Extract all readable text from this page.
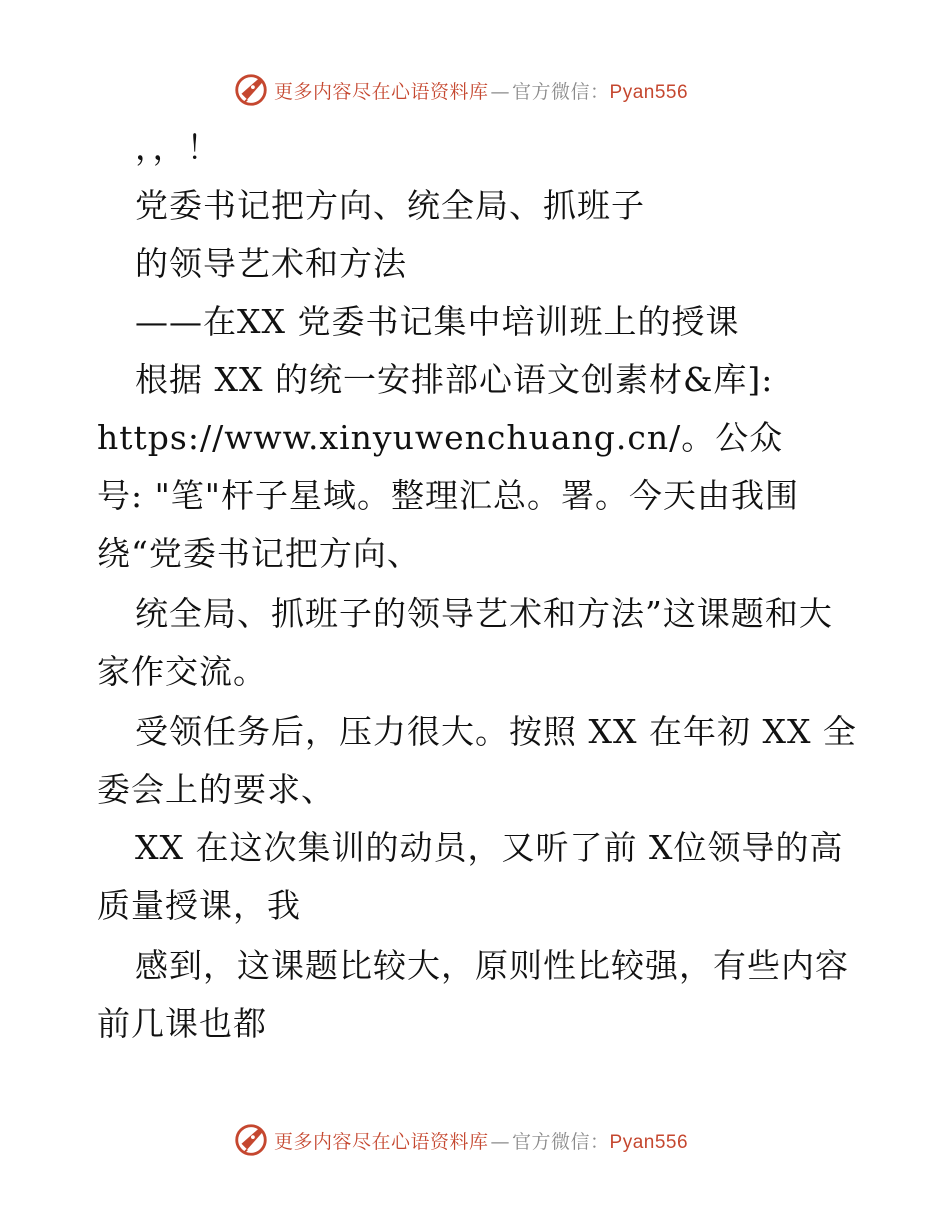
更多内容尽在心语资料库 — 官方微信：Pyan556
，，！
党委书记把方向、统全局、抓班子
的领导艺术和方法
——在XX 党委书记集中培训班上的授课
根据 XX 的统一安排部心语文创素材&库]:
https://www.xinyuwenchuang.cn/。公众
号: "笔"杆子星域。整理汇总。署。今天由我围
绕“党委书记把方向、
统全局、抓班子的领导艺术和方法”这课题和大
家作交流。
受领任务后，压力很大。按照 XX 在年初 XX 全
委会上的要求、
XX 在这次集训的动员，又听了前 X位领导的高
质量授课，我
感到，这课题比较大，原则性比较强，有些内容
前几课也都
更多内容尽在心语资料库 — 官方微信：Pyan556
